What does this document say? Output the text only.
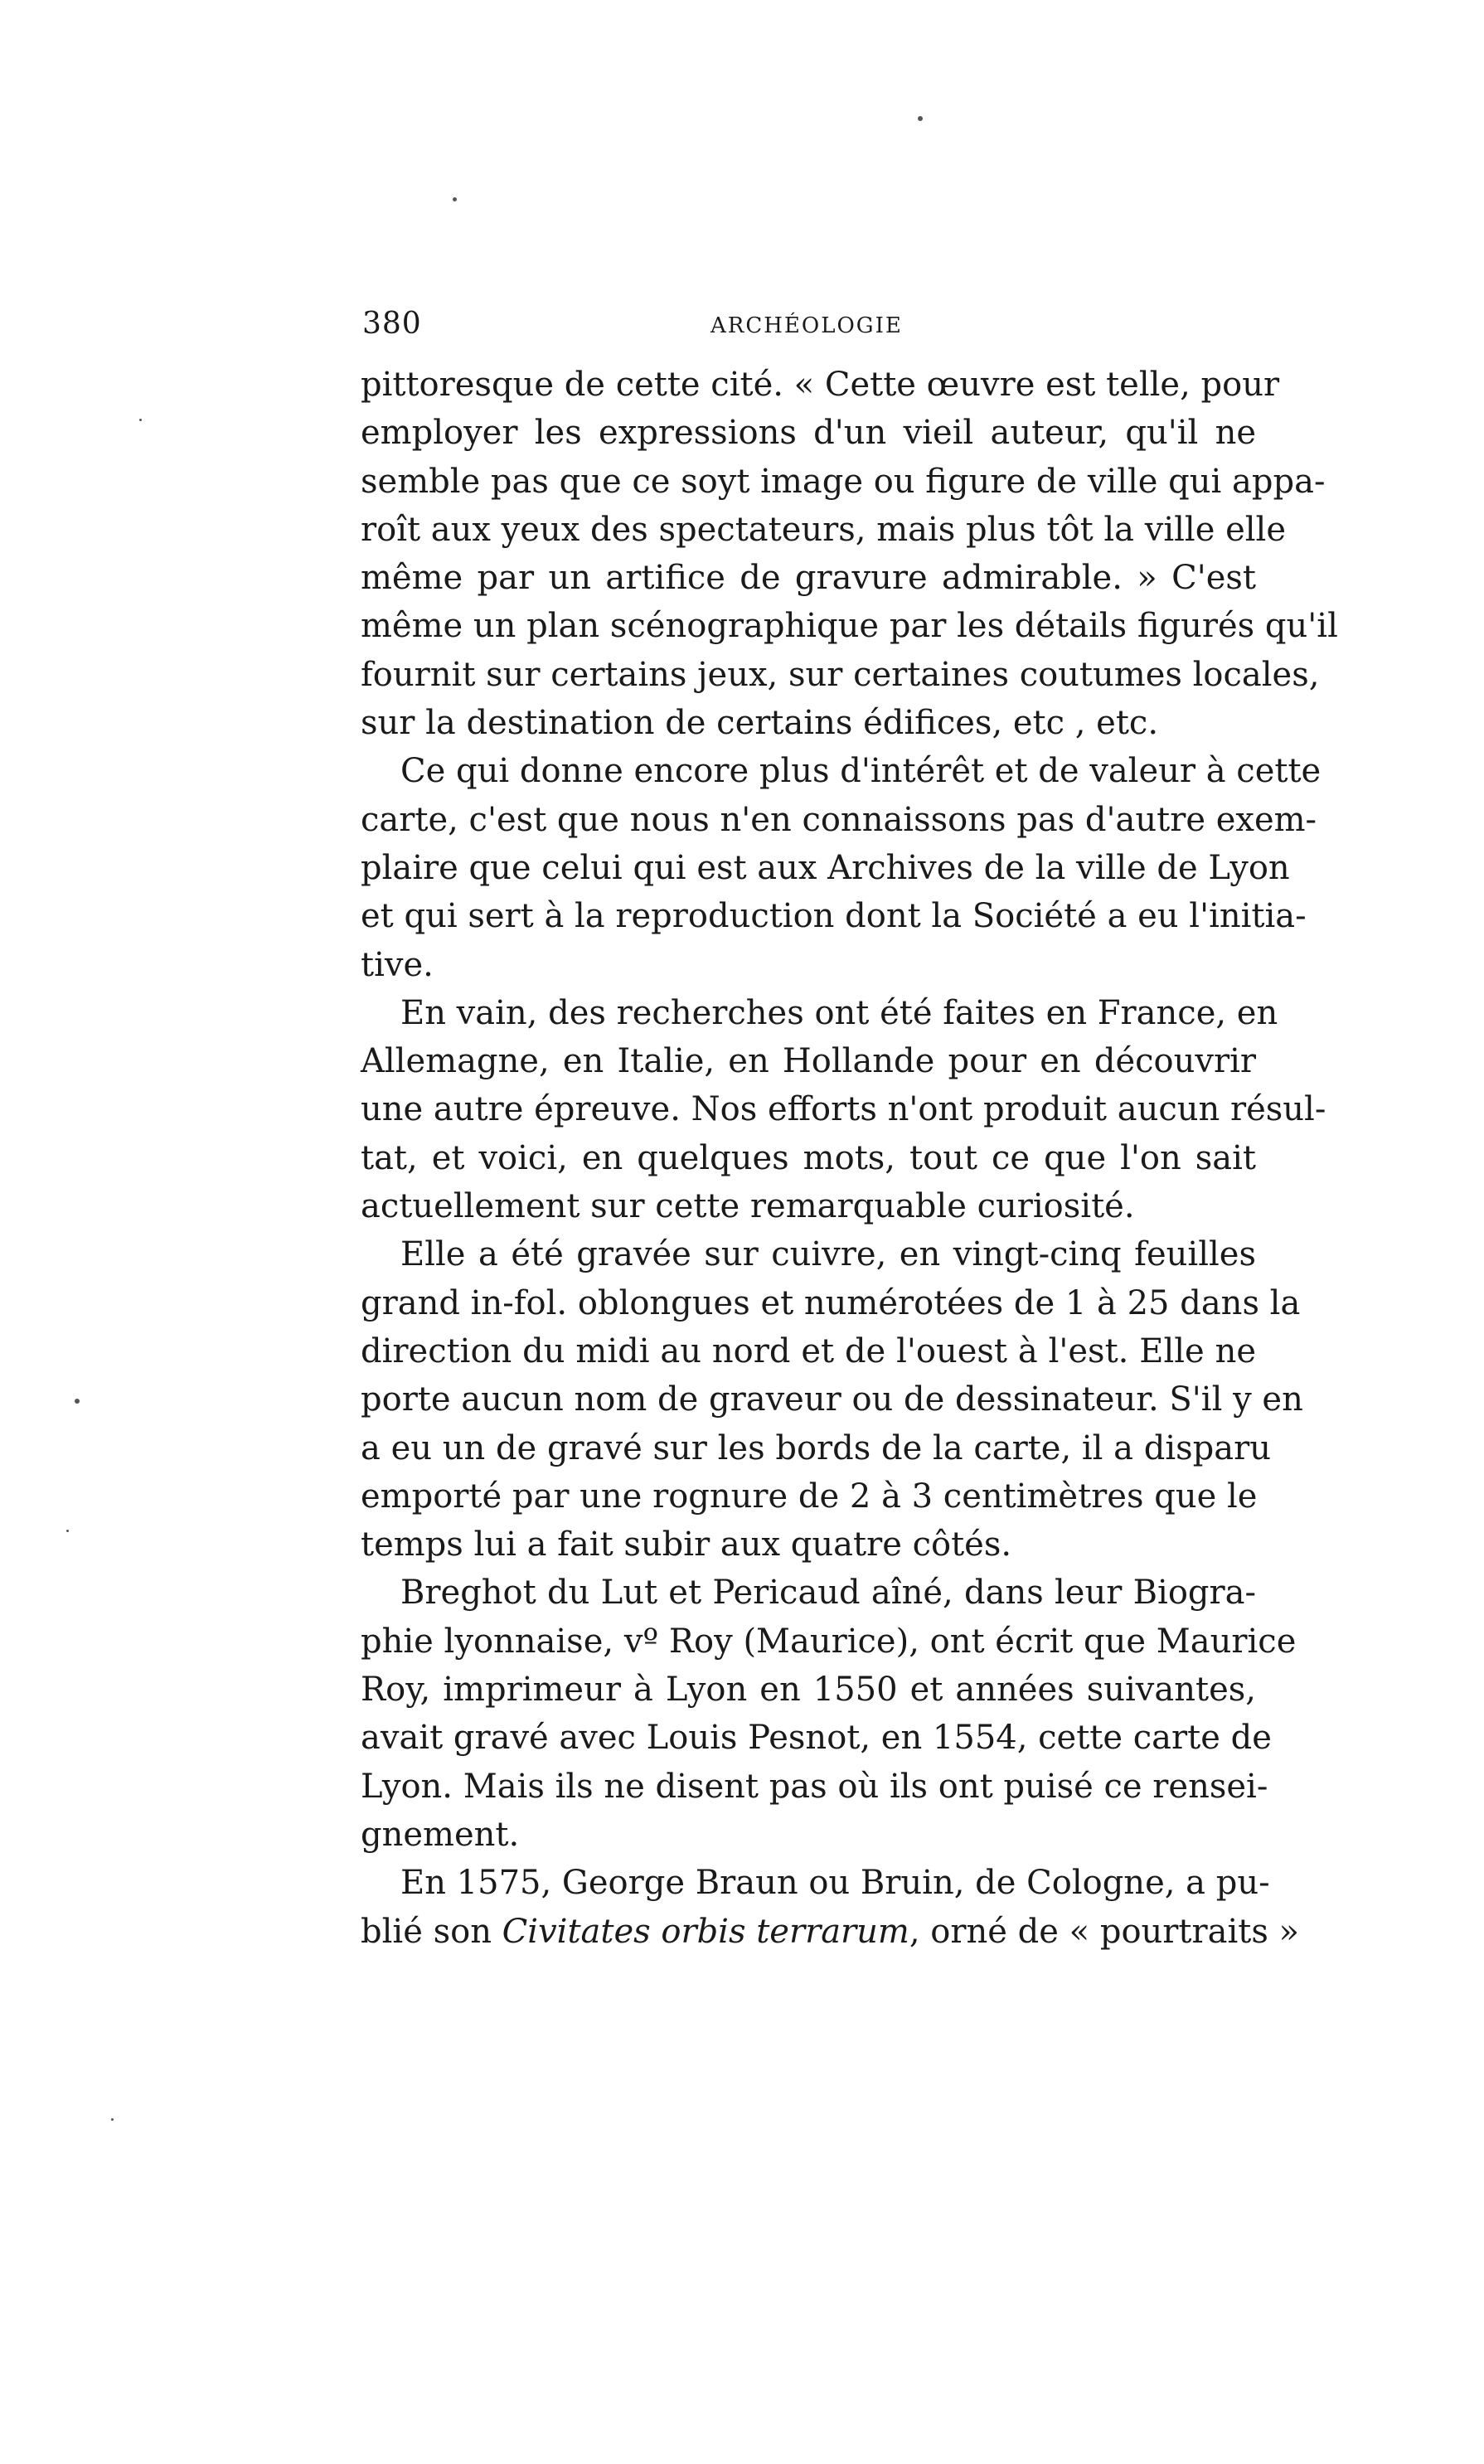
380	ARCHÉOLOGIE
pittoresque de cette cité. « Cette œuvre est telle, pour
employer les expressions d'un vieil auteur, qu'il ne
semble pas que ce soyt image ou figure de ville qui appa-
roît aux yeux des spectateurs, mais plus tôt la ville elle
même par un artifice de gravure admirable. » C'est
même un plan scénographique par les détails figurés qu'il
fournit sur certains jeux, sur certaines coutumes locales,
sur la destination de certains édifices, etc , etc.
Ce qui donne encore plus d'intérêt et de valeur à cette
carte, c'est que nous n'en connaissons pas d'autre exem-
plaire que celui qui est aux Archives de la ville de Lyon
et qui sert à la reproduction dont la Société a eu l'initia-
tive.
En vain, des recherches ont été faites en France, en
Allemagne, en Italie, en Hollande pour en découvrir
une autre épreuve. Nos efforts n'ont produit aucun résul-
tat, et voici, en quelques mots, tout ce que l'on sait
actuellement sur cette remarquable curiosité.
Elle a été gravée sur cuivre, en vingt-cinq feuilles
grand in-fol. oblongues et numérotées de 1 à 25 dans la
direction du midi au nord et de l'ouest à l'est. Elle ne
porte aucun nom de graveur ou de dessinateur. S'il y en
a eu un de gravé sur les bords de la carte, il a disparu
emporté par une rognure de 2 à 3 centimètres que le
temps lui a fait subir aux quatre côtés.
Breghot du Lut et Pericaud aîné, dans leur Biogra-
phie lyonnaise, vº Roy (Maurice), ont écrit que Maurice
Roy, imprimeur à Lyon en 1550 et années suivantes,
avait gravé avec Louis Pesnot, en 1554, cette carte de
Lyon. Mais ils ne disent pas où ils ont puisé ce rensei-
gnement.
En 1575, George Braun ou Bruin, de Cologne, a pu-
blié son Civitates orbis terrarum, orné de « pourtraits »
